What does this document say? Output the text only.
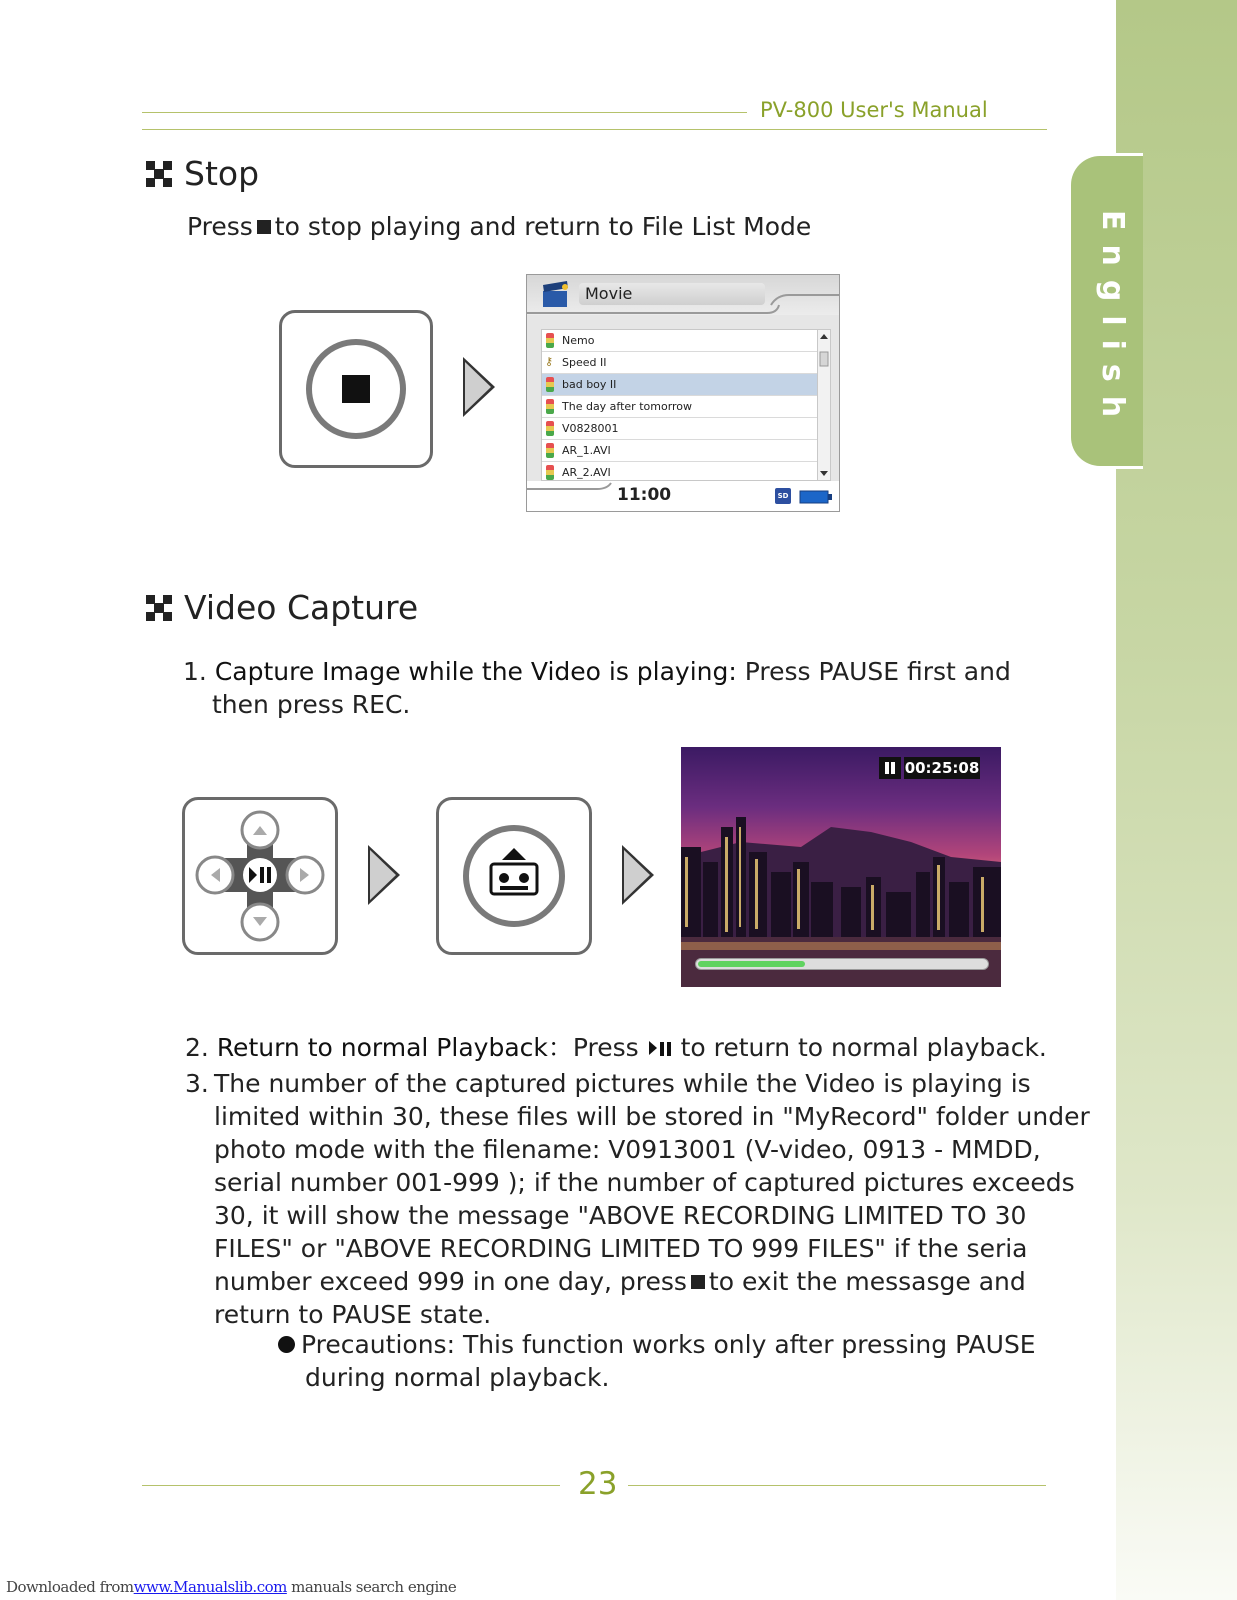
English
PV-800 User's Manual
Stop
Press to stop playing and return to File List Mode
Movie
Nemo
⚷ Speed II
bad boy II
The day after tomorrow
V0828001
AR_1.AVI
AR_2.AVI
11:00	SD
Video Capture
1. Capture Image while the Video is playing: Press PAUSE first and
then press REC.
00:25:08
2. Return to normal Playback：Press to return to normal playback.
3. The number of the captured pictures while the Video is playing is
limited within 30, these files will be stored in "MyRecord" folder under
photo mode with the filename: V0913001 (V-video, 0913 - MMDD,
serial number 001-999 ); if the number of captured pictures exceeds
30, it will show the message "ABOVE RECORDING LIMITED TO 30
FILES" or "ABOVE RECORDING LIMITED TO 999 FILES" if the seria
number exceed 999 in one day, press to exit the messasge and
return to PAUSE state.
Precautions: This function works only after pressing PAUSE
during normal playback.
23
Downloaded fromwww.Manualslib.com manuals search engine
